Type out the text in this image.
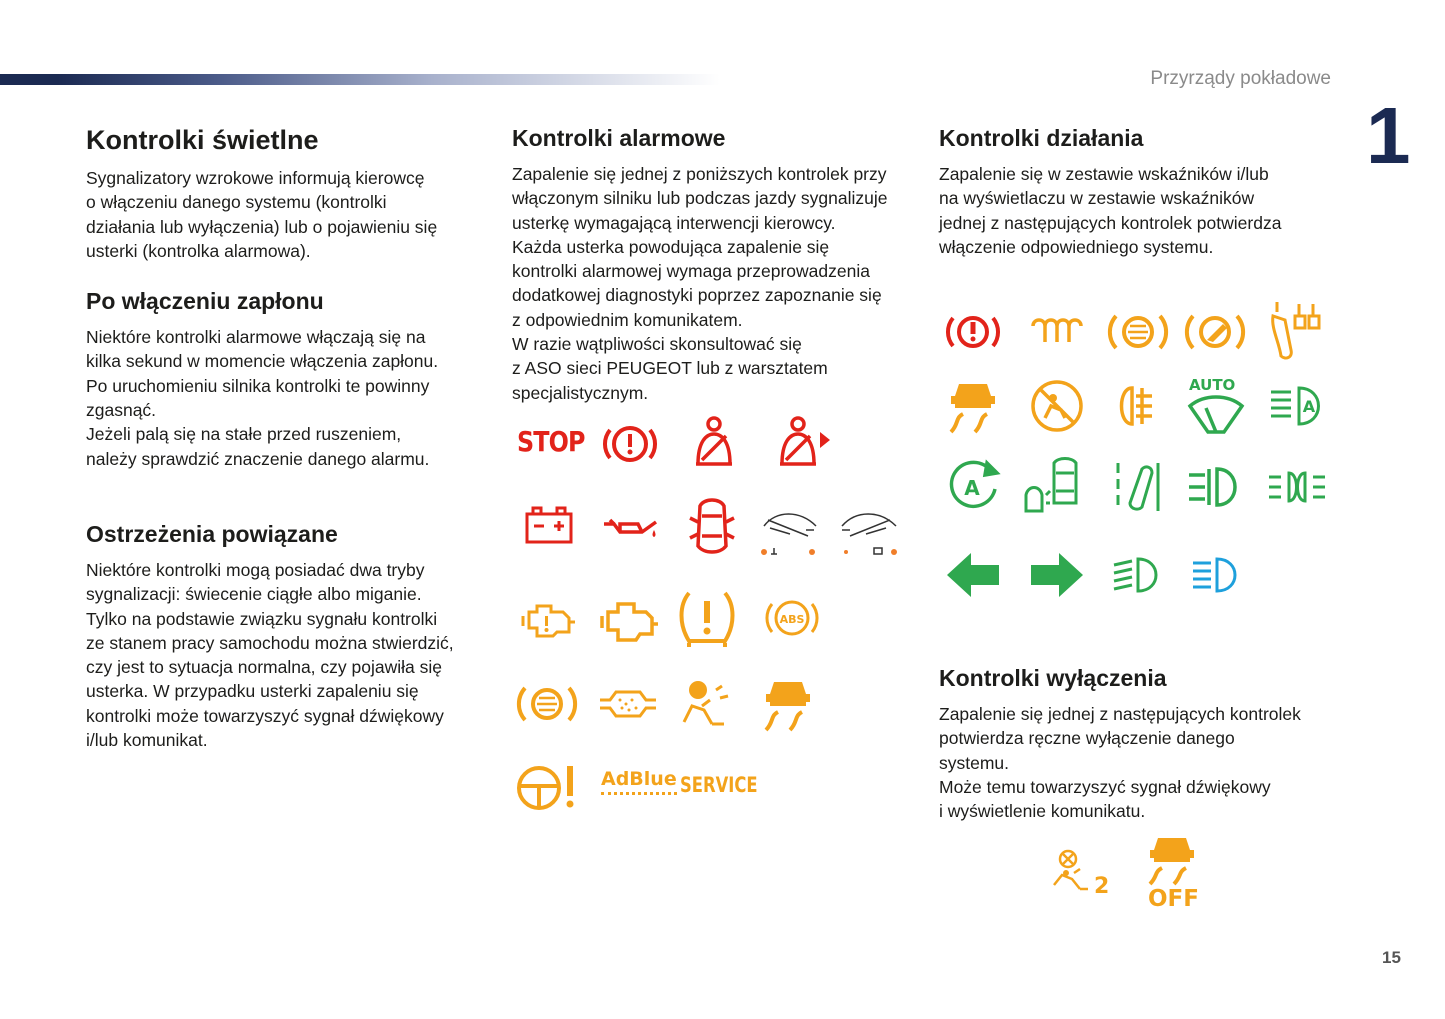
Przyrządy pokładowe
1
15
Kontrolki świetlne

Sygnalizatory wzrokowe informują kierowcę
o włączeniu danego systemu (kontrolki
działania lub wyłączenia) lub o pojawieniu się
usterki (kontrolka alarmowa).

Po włączeniu zapłonu

Niektóre kontrolki alarmowe włączają się na
kilka sekund w momencie włączenia zapłonu.
Po uruchomieniu silnika kontrolki te powinny
zgasnąć.
Jeżeli palą się na stałe przed ruszeniem,
należy sprawdzić znaczenie danego alarmu.

Ostrzeżenia powiązane

Niektóre kontrolki mogą posiadać dwa tryby
sygnalizacji: świecenie ciągłe albo miganie.
Tylko na podstawie związku sygnału kontrolki
ze stanem pracy samochodu można stwierdzić,
czy jest to sytuacja normalna, czy pojawiła się
usterka. W przypadku usterki zapaleniu się
kontrolki może towarzyszyć sygnał dźwiękowy
i/lub komunikat.

Kontrolki alarmowe

Zapalenie się jednej z poniższych kontrolek przy
włączonym silniku lub podczas jazdy sygnalizuje
usterkę wymagającą interwencji kierowcy.
Każda usterka powodująca zapalenie się
kontrolki alarmowej wymaga przeprowadzenia
dodatkowej diagnostyki poprzez zapoznanie się
z odpowiednim komunikatem.
W razie wątpliwości skonsultować się
z ASO sieci PEUGEOT lub z warsztatem
specjalistycznym.

STOP
ABS
AdBlue SERVICE
Kontrolki działania

Zapalenie się w zestawie wskaźników i/lub
na wyświetlaczu w zestawie wskaźników
jednej z następujących kontrolek potwierdza
włączenie odpowiedniego systemu.

AUTO
A
A
Kontrolki wyłączenia

Zapalenie się jednej z następujących kontrolek
potwierdza ręczne wyłączenie danego
systemu.
Może temu towarzyszyć sygnał dźwiękowy
i wyświetlenie komunikatu.

2 OFF
